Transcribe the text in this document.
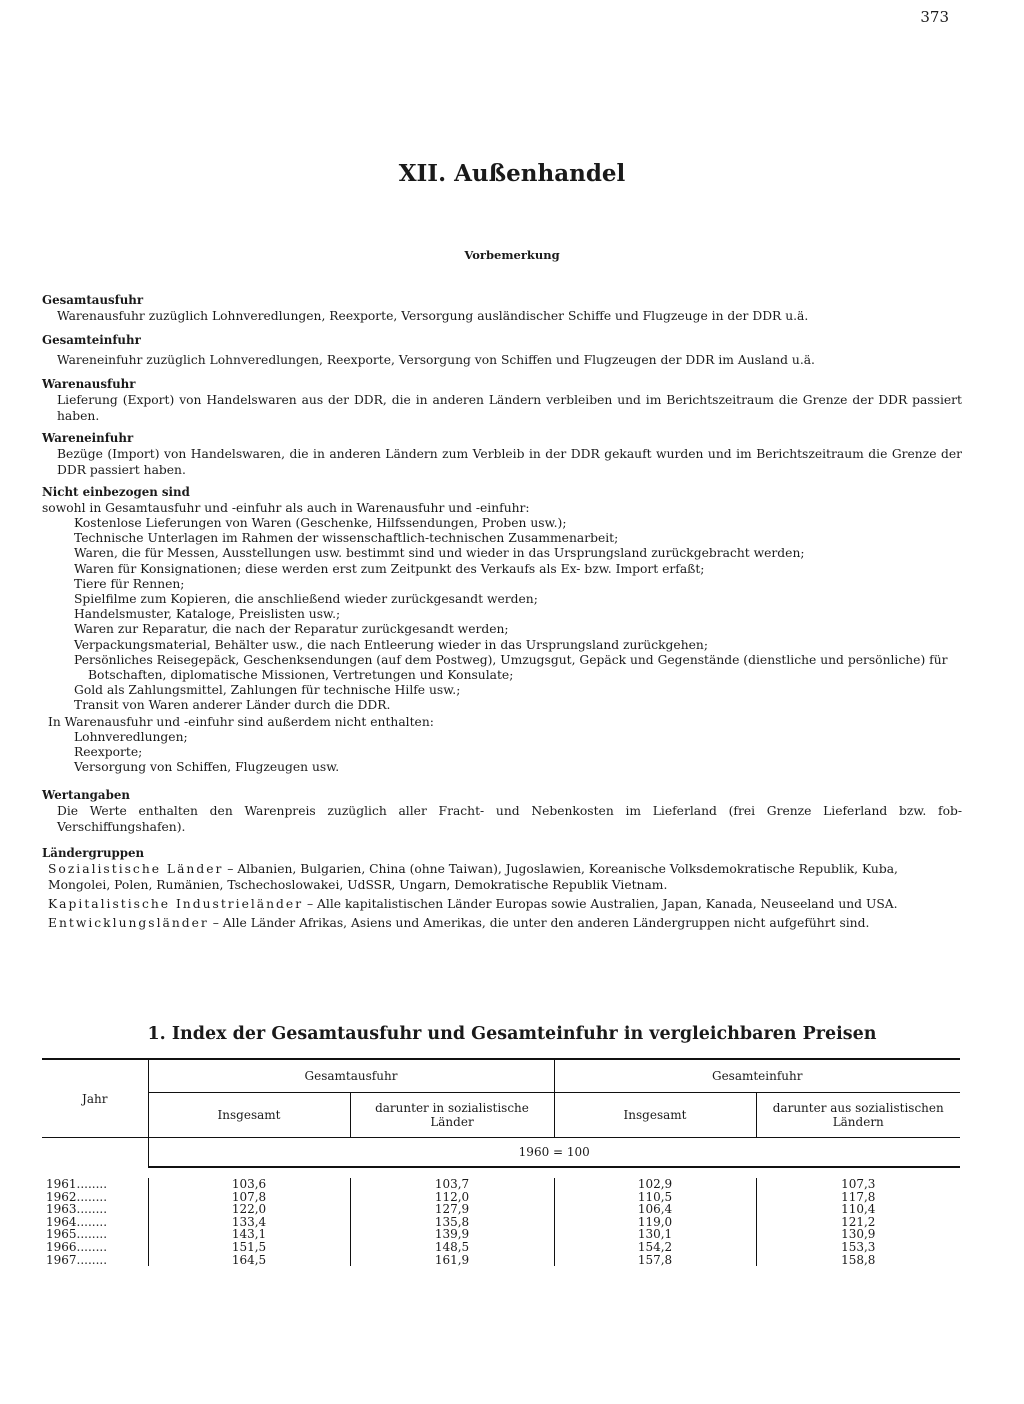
373
XII. Außenhandel
Vorbemerkung
Gesamtausfuhr
Warenausfuhr zuzüglich Lohnveredlungen, Reexporte, Versorgung ausländischer Schiffe und Flugzeuge in der DDR u.ä.
Gesamteinfuhr
Wareneinfuhr zuzüglich Lohnveredlungen, Reexporte, Versorgung von Schiffen und Flugzeugen der DDR im Ausland u.ä.
Warenausfuhr
Lieferung (Export) von Handelswaren aus der DDR, die in anderen Ländern verbleiben und im Berichtszeitraum die Grenze der DDR passiert haben.
Wareneinfuhr
Bezüge (Import) von Handelswaren, die in anderen Ländern zum Verbleib in der DDR gekauft wurden und im Berichtszeitraum die Grenze der DDR passiert haben.
Nicht einbezogen sind
sowohl in Gesamtausfuhr und -einfuhr als auch in Warenausfuhr und -einfuhr:
Kostenlose Lieferungen von Waren (Geschenke, Hilfssendungen, Proben usw.);
Technische Unterlagen im Rahmen der wissenschaftlich-technischen Zusammenarbeit;
Waren, die für Messen, Ausstellungen usw. bestimmt sind und wieder in das Ursprungsland zurückgebracht werden;
Waren für Konsignationen; diese werden erst zum Zeitpunkt des Verkaufs als Ex- bzw. Import erfaßt;
Tiere für Rennen;
Spielfilme zum Kopieren, die anschließend wieder zurückgesandt werden;
Handelsmuster, Kataloge, Preislisten usw.;
Waren zur Reparatur, die nach der Reparatur zurückgesandt werden;
Verpackungsmaterial, Behälter usw., die nach Entleerung wieder in das Ursprungsland zurückgehen;
Persönliches Reisegepäck, Geschenksendungen (auf dem Postweg), Umzugsgut, Gepäck und Gegenstände (dienstliche und persönliche) für
Botschaften, diplomatische Missionen, Vertretungen und Konsulate;
Gold als Zahlungsmittel, Zahlungen für technische Hilfe usw.;
Transit von Waren anderer Länder durch die DDR.
In Warenausfuhr und -einfuhr sind außerdem nicht enthalten:
Lohnveredlungen;
Reexporte;
Versorgung von Schiffen, Flugzeugen usw.
Wertangaben
Die Werte enthalten den Warenpreis zuzüglich aller Fracht- und Nebenkosten im Lieferland (frei Grenze Lieferland bzw. fob-Verschiffungshafen).
Ländergruppen
Sozialistische Länder – Albanien, Bulgarien, China (ohne Taiwan), Jugoslawien, Koreanische Volksdemokratische Republik, Kuba, Mongolei, Polen, Rumänien, Tschechoslowakei, UdSSR, Ungarn, Demokratische Republik Vietnam.
Kapitalistische Industrieländer – Alle kapitalistischen Länder Europas sowie Australien, Japan, Kanada, Neuseeland und USA.
Entwicklungsländer – Alle Länder Afrikas, Asiens und Amerikas, die unter den anderen Ländergruppen nicht aufgeführt sind.
1. Index der Gesamtausfuhr und Gesamteinfuhr in vergleichbaren Preisen
Jahr	Gesamtausfuhr		Gesamteinfuhr	
	Insgesamt	darunter in sozialistische Länder	Insgesamt	darunter aus sozialistischen Ländern
	1960 = 100			

1961........	103,6	103,7	102,9	107,3
1962........	107,8	112,0	110,5	117,8
1963........	122,0	127,9	106,4	110,4
1964........	133,4	135,8	119,0	121,2
1965........	143,1	139,9	130,1	130,9
1966........	151,5	148,5	154,2	153,3
1967........	164,5	161,9	157,8	158,8
